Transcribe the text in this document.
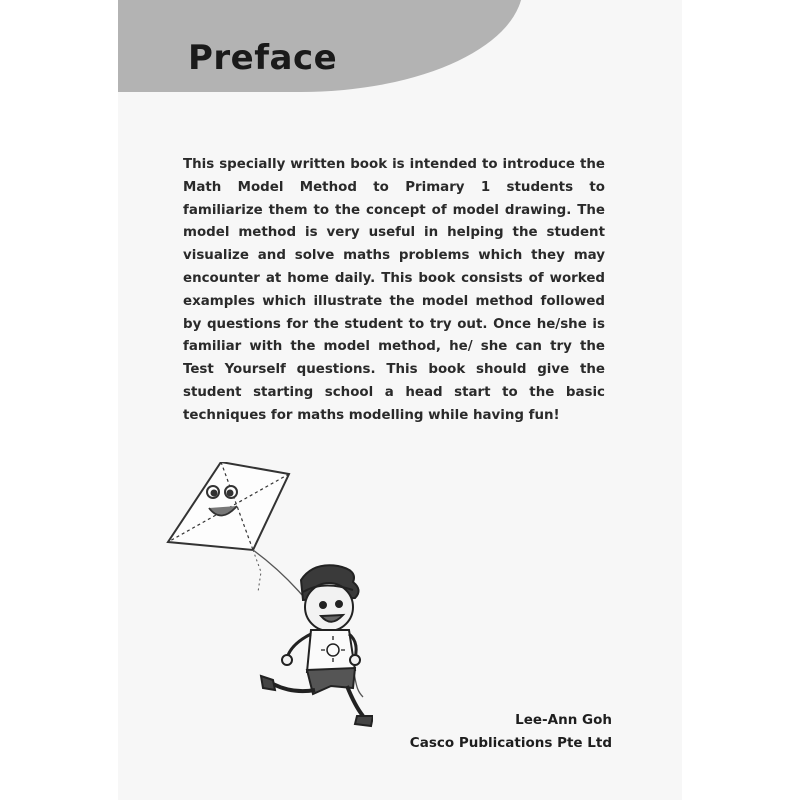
Preface

This specially written book is intended to introduce the Math Model Method to Primary 1 students to familiarize them to the concept of model drawing. The model method is very useful in helping the student visualize and solve maths problems which they may encounter at home daily. This book consists of worked examples which illustrate the model method followed by questions for the student to try out. Once he/she is familiar with the model method, he/ she can try the Test Yourself questions. This book should give the student starting school a head start to the basic techniques for maths modelling while having fun!

Lee-Ann Goh
Casco Publications Pte Ltd
